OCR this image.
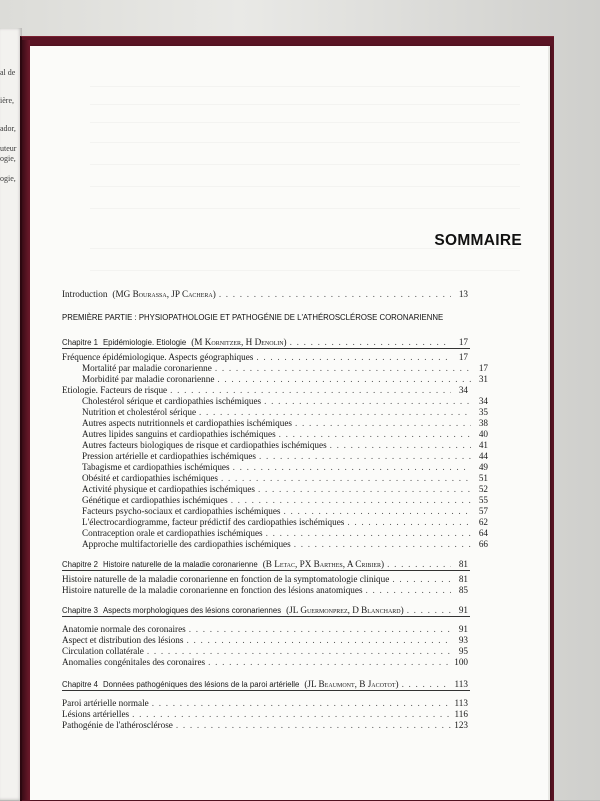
al de
ière,
ador,
uteur
ogie,
ogie,
SOMMAIRE
Introduction (MG Bourassa, JP Cachera) . . .	13
PREMIÈRE PARTIE : PHYSIOPATHOLOGIE ET PATHOGÉNIE DE L'ATHÉROSCLÉROSE CORONARIENNE
Chapitre 1 Epidémiologie. Etiologie (M Kornitzer, H Denolin) . . .	17
Fréquence épidémiologique. Aspects géographiques . . .	17
Mortalité par maladie coronarienne . . .	17
Morbidité par maladie coronarienne . . .	31
Etiologie. Facteurs de risque . . .	34
Cholestérol sérique et cardiopathies ischémiques . . .	34
Nutrition et cholestérol sérique . . .	35
Autres aspects nutritionnels et cardiopathies ischémiques . . .	38
Autres lipides sanguins et cardiopathies ischémiques . . .	40
Autres facteurs biologiques de risque et cardiopathies ischémiques . . .	41
Pression artérielle et cardiopathies ischémiques . . .	44
Tabagisme et cardiopathies ischémiques . . .	49
Obésité et cardiopathies ischémiques . . .	51
Activité physique et cardiopathies ischémiques . . .	52
Génétique et cardiopathies ischémiques . . .	55
Facteurs psycho-sociaux et cardiopathies ischémiques . . .	57
L'électrocardiogramme, facteur prédictif des cardiopathies ischémiques . . .	62
Contraception orale et cardiopathies ischémiques . . .	64
Approche multifactorielle des cardiopathies ischémiques . . .	66
Chapitre 2 Histoire naturelle de la maladie coronarienne (B Letac, PX Barthes, A Cribier) . . .	81
Histoire naturelle de la maladie coronarienne en fonction de la symptomatologie clinique . . .	81
Histoire naturelle de la maladie coronarienne en fonction des lésions anatomiques . . .	85
Chapitre 3 Aspects morphologiques des lésions coronariennes (JL Guermonprez, D Blanchard) . . .	91
Anatomie normale des coronaires . . .	91
Aspect et distribution des lésions . . .	93
Circulation collatérale . . .	95
Anomalies congénitales des coronaires . . .	100
Chapitre 4 Données pathogéniques des lésions de la paroi artérielle (JL Beaumont, B Jacotot) . . .	113
Paroi artérielle normale . . .	113
Lésions artérielles . . .	116
Pathogénie de l'athérosclérose . . .	123
